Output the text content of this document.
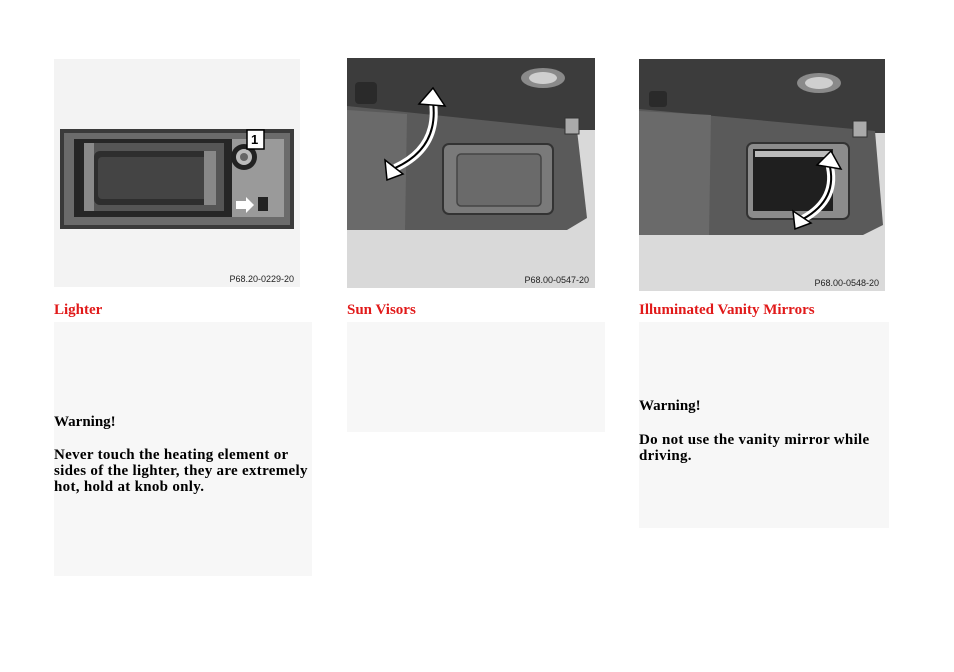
P68.20-0229-20
1
Lighter
Warning!
Never touch the heating element or sides of the lighter, they are extremely hot, hold at knob only.
P68.00-0547-20
Sun Visors
P68.00-0548-20
Illuminated Vanity Mirrors
Warning!
Do not use the vanity mirror while driving.
